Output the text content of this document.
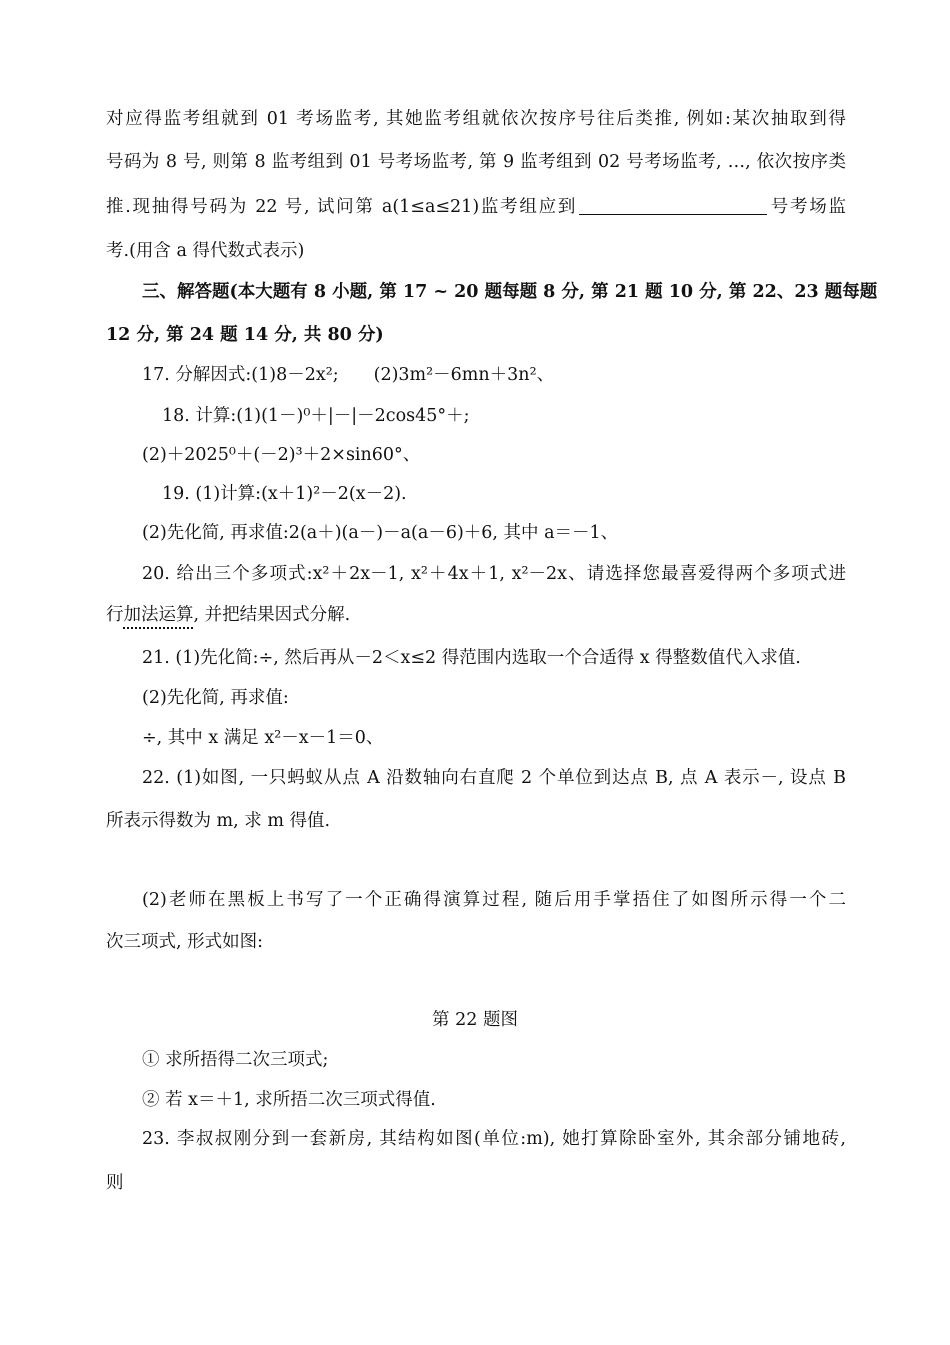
对应得监考组就到 01 考场监考, 其她监考组就依次按序号往后类推, 例如:某次抽取到得
号码为 8 号, 则第 8 监考组到 01 号考场监考, 第 9 监考组到 02 号考场监考, …, 依次按序类
推.现抽得号码为 22 号, 试问第 a(1≤a≤21)监考组应到	号考场监
考.(用含 a 得代数式表示)
三、解答题(本大题有 8 小题, 第 17 ~ 20 题每题 8 分, 第 21 题 10 分, 第 22、23 题每题
12 分, 第 24 题 14 分, 共 80 分)
17. 分解因式:(1)8－2x²;　　(2)3m²－6mn＋3n²、
18. 计算:(1)(1－)⁰＋|－|－2cos45°＋;
(2)＋2025⁰＋(－2)³＋2×sin60°、
19. (1)计算:(x＋1)²－2(x－2).
(2)先化简, 再求值:2(a＋)(a－)－a(a－6)＋6, 其中 a＝－1、
20. 给出三个多项式:x²＋2x－1, x²＋4x＋1, x²－2x、请选择您最喜爱得两个多项式进
行加法运算, 并把结果因式分解.
21. (1)先化简:÷, 然后再从－2＜x≤2 得范围内选取一个合适得 x 得整数值代入求值.
(2)先化简, 再求值:
÷, 其中 x 满足 x²－x－1＝0、
22. (1)如图, 一只蚂蚁从点 A 沿数轴向右直爬 2 个单位到达点 B, 点 A 表示－, 设点 B
所表示得数为 m, 求 m 得值.
(2)老师在黑板上书写了一个正确得演算过程, 随后用手掌捂住了如图所示得一个二
次三项式, 形式如图:
第 22 题图
① 求所捂得二次三项式;
② 若 x＝＋1, 求所捂二次三项式得值.
23. 李叔叔刚分到一套新房, 其结构如图(单位:m), 她打算除卧室外, 其余部分铺地砖,
则
